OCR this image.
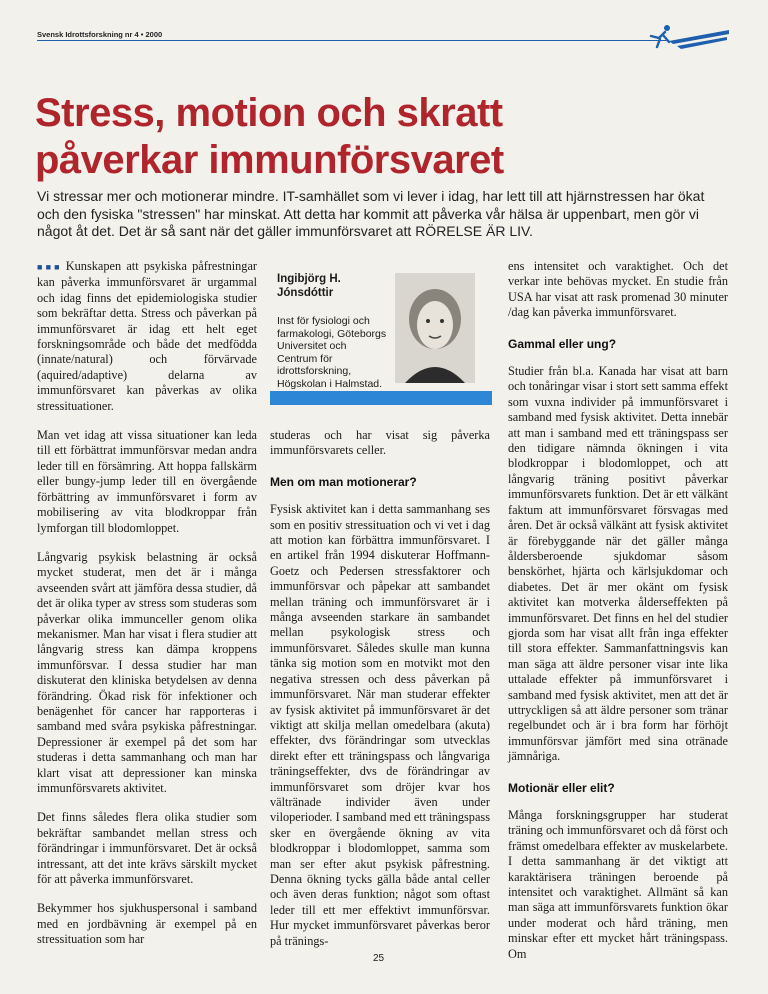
Svensk Idrottsforskning nr 4 • 2000
Stress, motion och skratt
påverkar immunförsvaret

Vi stressar mer och motionerar mindre. IT-samhället som vi lever i idag, har lett till att hjärnstressen har ökat och den fysiska "stressen" har minskat. Att detta har kommit att påverka vår hälsa är uppenbart, men gör vi något åt det. Det är så sant när det gäller immunförsvaret att RÖRELSE ÄR LIV.

■■■ Kunskapen att psykiska påfrestningar kan påverka immunförsvaret är urgammal och idag finns det epidemiologiska studier som bekräftar detta. Stress och påverkan på immunförsvaret är idag ett helt eget forskningsområde och både det medfödda (innate/natural) och förvärvade (aquired/adaptive) delarna av immunförsvaret kan påverkas av olika stressituationer.

Man vet idag att vissa situationer kan leda till ett förbättrat immunförsvar medan andra leder till en försämring. Att hoppa fallskärm eller bungy-jump leder till en övergående förbättring av immunförsvaret i form av mobilisering av vita blodkroppar från lymforgan till blodomloppet.

Långvarig psykisk belastning är också mycket studerat, men det är i många avseenden svårt att jämföra dessa studier, då det är olika typer av stress som studeras som påverkar olika immunceller genom olika mekanismer. Man har visat i flera studier att långvarig stress kan dämpa kroppens immunförsvar. I dessa studier har man diskuterat den kliniska betydelsen av denna förändring. Ökad risk för infektioner och benägenhet för cancer har rapporteras i samband med svåra psykiska påfrestningar. Depressioner är exempel på det som har studeras i detta sammanhang och man har klart visat att depressioner kan minska immunförsvarets aktivitet.

Det finns således flera olika studier som bekräftar sambandet mellan stress och förändringar i immunförsvaret. Det är också intressant, att det inte krävs särskilt mycket för att påverka immunförsvaret.

Bekymmer hos sjukhuspersonal i samband med en jordbävning är exempel på en stressituation som har

Ingibjörg H. Jónsdóttir
Inst för fysiologi och farmakologi, Göteborgs Universitet och Centrum för idrottsforskning, Högskolan i Halmstad.

studeras och har visat sig påverka immunförsvarets celler.

Men om man motionerar?

Fysisk aktivitet kan i detta sammanhang ses som en positiv stressituation och vi vet i dag att motion kan förbättra immunförsvaret. I en artikel från 1994 diskuterar Hoffmann-Goetz och Pedersen stressfaktorer och immunförsvar och påpekar att sambandet mellan träning och immunförsvaret är i många avseenden starkare än sambandet mellan psykologisk stress och immunförsvaret. Således skulle man kunna tänka sig motion som en motvikt mot den negativa stressen och dess påverkan på immunförsvaret. När man studerar effekter av fysisk aktivitet på immunförsvaret är det viktigt att skilja mellan omedelbara (akuta) effekter, dvs förändringar som utvecklas direkt efter ett träningspass och långvariga träningseffekter, dvs de förändringar av immunförsvaret som dröjer kvar hos vältränade individer även under viloperioder. I samband med ett träningspass sker en övergående ökning av vita blodkroppar i blodomloppet, samma som man ser efter akut psykisk påfrestning. Denna ökning tycks gälla både antal celler och även deras funktion; något som oftast leder till ett mer effektivt immunförsvar. Hur mycket immunförsvaret påverkas beror på tränings-

ens intensitet och varaktighet. Och det verkar inte behövas mycket. En studie från USA har visat att rask promenad 30 minuter /dag kan påverka immunförsvaret.

Gammal eller ung?

Studier från bl.a. Kanada har visat att barn och tonåringar visar i stort sett samma effekt som vuxna individer på immunförsvaret i samband med fysisk aktivitet. Detta innebär att man i samband med ett träningspass ser den tidigare nämnda ökningen i vita blodkroppar i blodomloppet, och att långvarig träning positivt påverkar immunförsvarets funktion. Det är ett välkänt faktum att immunförsvaret försvagas med åren. Det är också välkänt att fysisk aktivitet är förebyggande när det gäller många åldersberoende sjukdomar såsom benskörhet, hjärta och kärlsjukdomar och diabetes. Det är mer okänt om fysisk aktivitet kan motverka ålderseffekten på immunförsvaret. Det finns en hel del studier gjorda som har visat allt från inga effekter till stora effekter. Sammanfattningsvis kan man säga att äldre personer visar inte lika uttalade effekter på immunförsvaret i samband med fysisk aktivitet, men att det är uttryckligen så att äldre personer som tränar regelbundet och är i bra form har förhöjt immunförsvar jämfört med sina otränade jämnåriga.

Motionär eller elit?

Många forskningsgrupper har studerat träning och immunförsvaret och då först och främst omedelbara effekter av muskelarbete. I detta sammanhang är det viktigt att karaktärisera träningen beroende på intensitet och varaktighet. Allmänt så kan man säga att immunförsvarets funktion ökar under moderat och hård träning, men minskar efter ett mycket hårt träningspass. Om

25
